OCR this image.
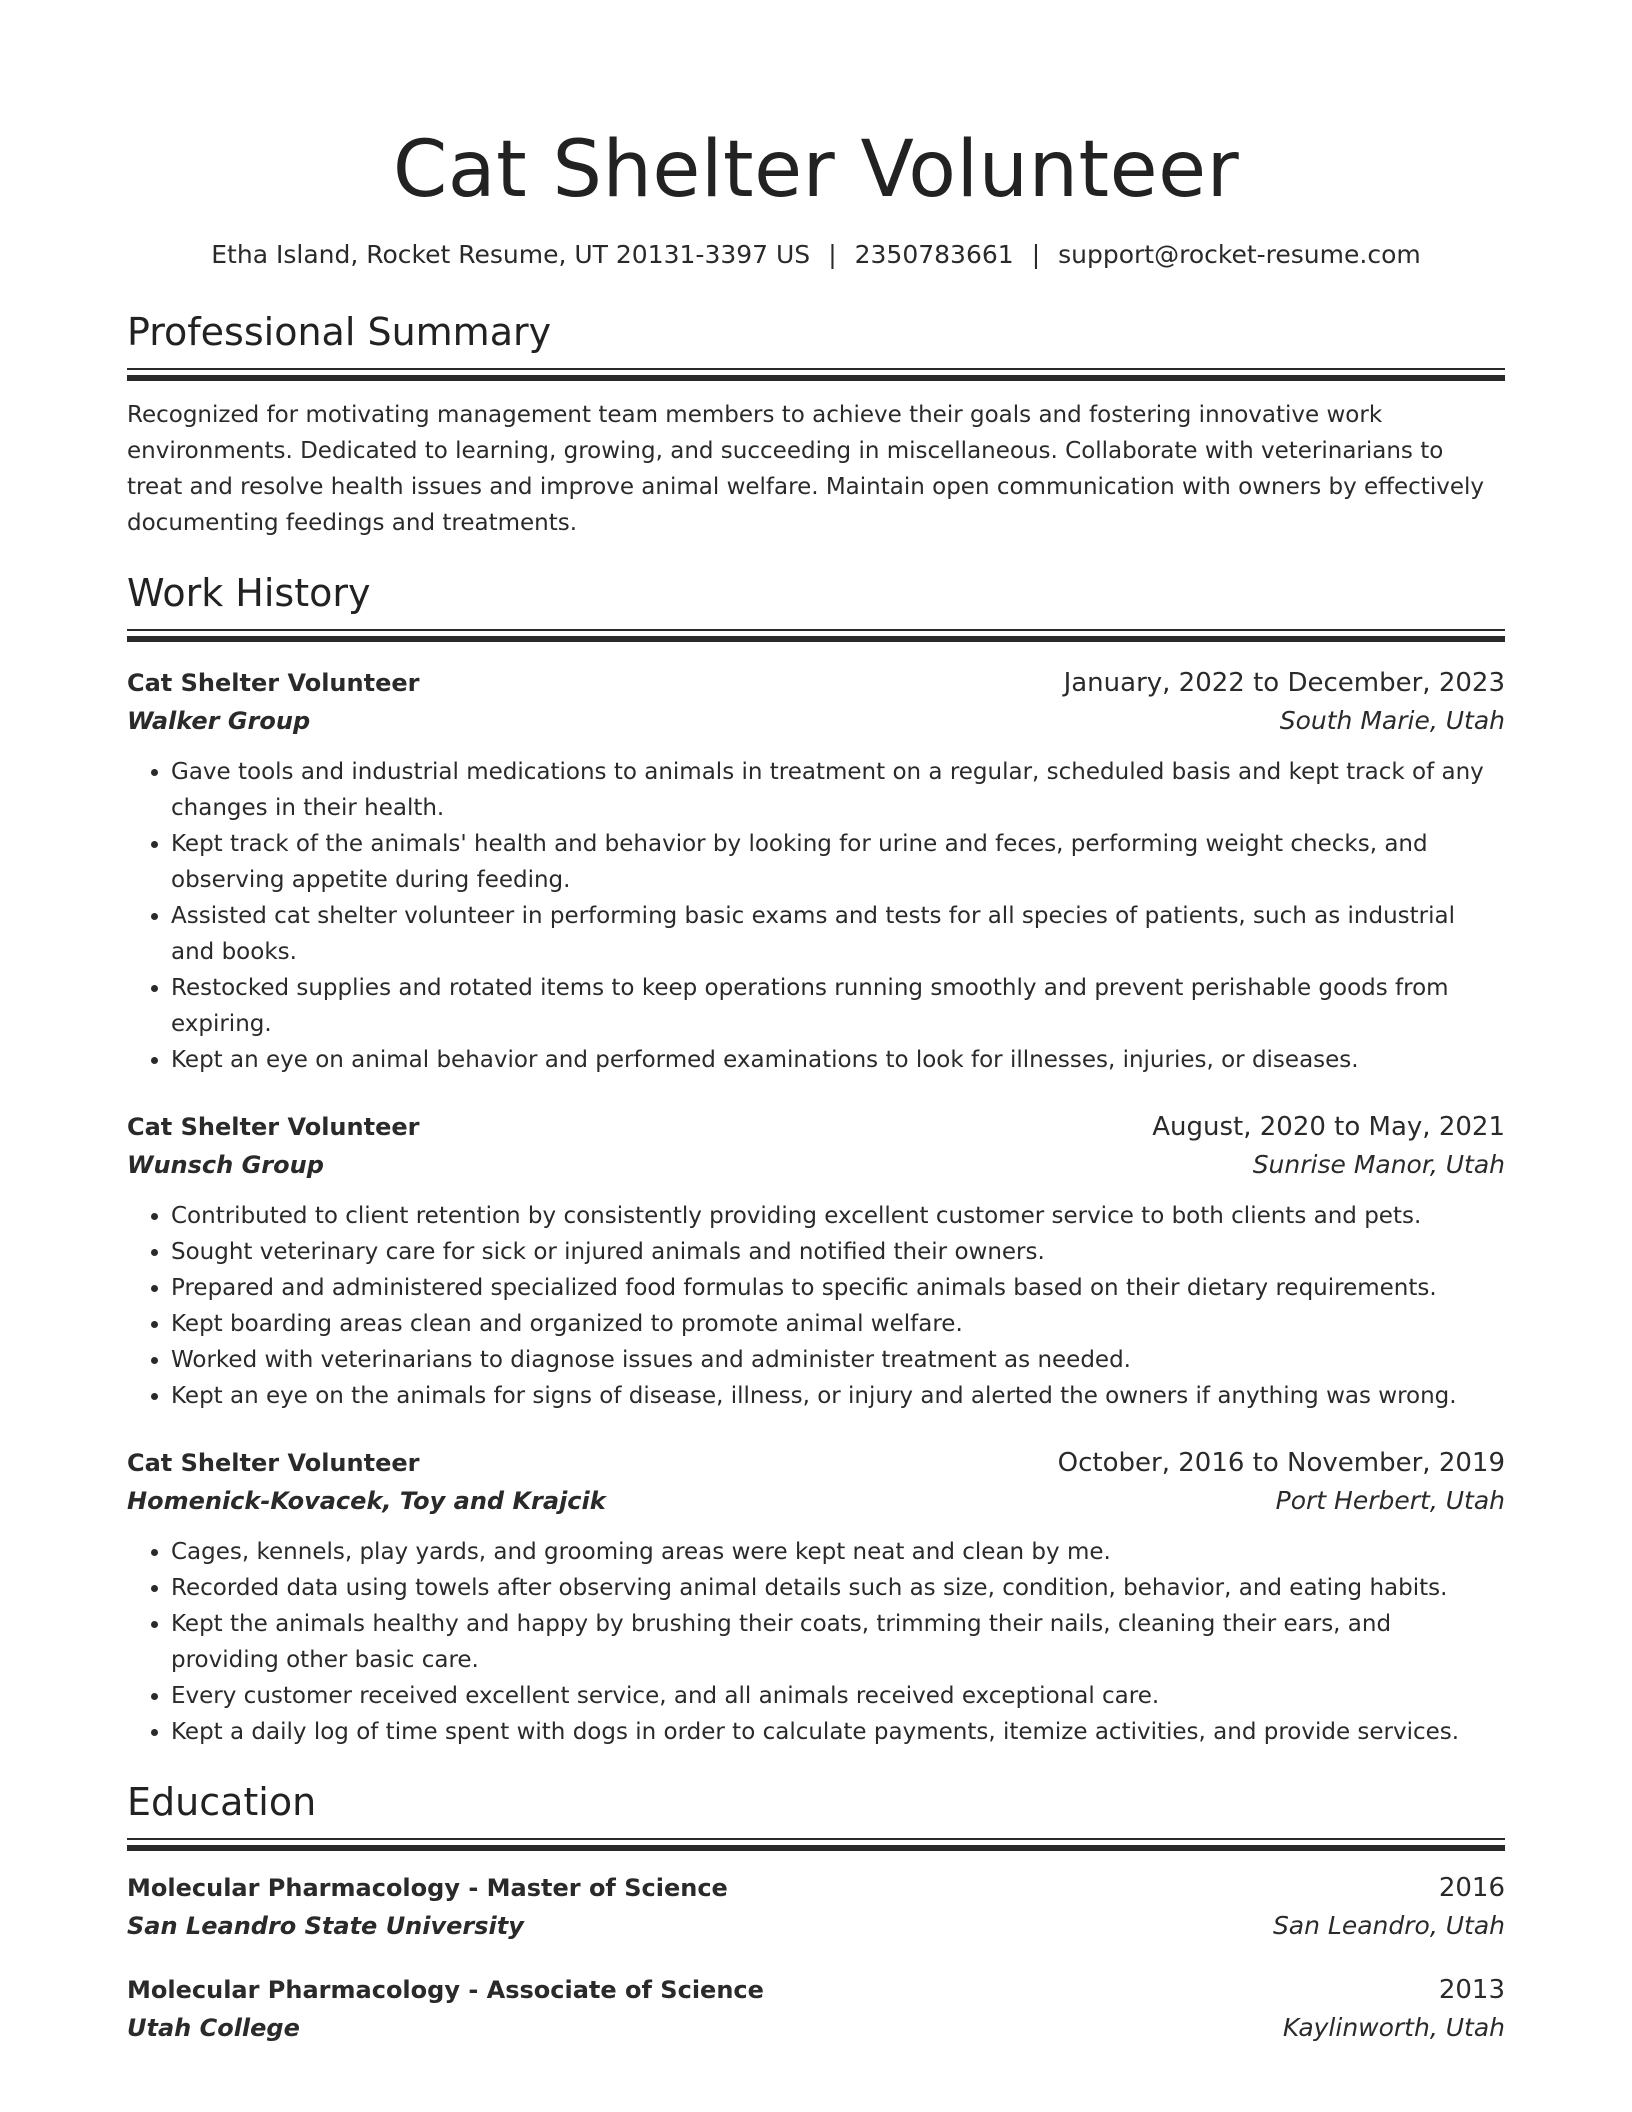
Cat Shelter Volunteer
Etha Island, Rocket Resume, UT 20131-3397 US | 2350783661 | support@rocket-resume.com
Professional Summary
Recognized for motivating management team members to achieve their goals and fostering innovative work environments. Dedicated to learning, growing, and succeeding in miscellaneous. Collaborate with veterinarians to treat and resolve health issues and improve animal welfare. Maintain open communication with owners by effectively documenting feedings and treatments.
Work History
Cat Shelter Volunteer	January, 2022 to December, 2023
Walker Group	South Marie, Utah
• Gave tools and industrial medications to animals in treatment on a regular, scheduled basis and kept track of any changes in their health.
• Kept track of the animals' health and behavior by looking for urine and feces, performing weight checks, and observing appetite during feeding.
• Assisted cat shelter volunteer in performing basic exams and tests for all species of patients, such as industrial and books.
• Restocked supplies and rotated items to keep operations running smoothly and prevent perishable goods from expiring.
• Kept an eye on animal behavior and performed examinations to look for illnesses, injuries, or diseases.
Cat Shelter Volunteer	August, 2020 to May, 2021
Wunsch Group	Sunrise Manor, Utah
• Contributed to client retention by consistently providing excellent customer service to both clients and pets.
• Sought veterinary care for sick or injured animals and notified their owners.
• Prepared and administered specialized food formulas to specific animals based on their dietary requirements.
• Kept boarding areas clean and organized to promote animal welfare.
• Worked with veterinarians to diagnose issues and administer treatment as needed.
• Kept an eye on the animals for signs of disease, illness, or injury and alerted the owners if anything was wrong.
Cat Shelter Volunteer	October, 2016 to November, 2019
Homenick-Kovacek, Toy and Krajcik	Port Herbert, Utah
• Cages, kennels, play yards, and grooming areas were kept neat and clean by me.
• Recorded data using towels after observing animal details such as size, condition, behavior, and eating habits.
• Kept the animals healthy and happy by brushing their coats, trimming their nails, cleaning their ears, and providing other basic care.
• Every customer received excellent service, and all animals received exceptional care.
• Kept a daily log of time spent with dogs in order to calculate payments, itemize activities, and provide services.
Education
Molecular Pharmacology - Master of Science	2016
San Leandro State University	San Leandro, Utah
Molecular Pharmacology - Associate of Science	2013
Utah College	Kaylinworth, Utah
